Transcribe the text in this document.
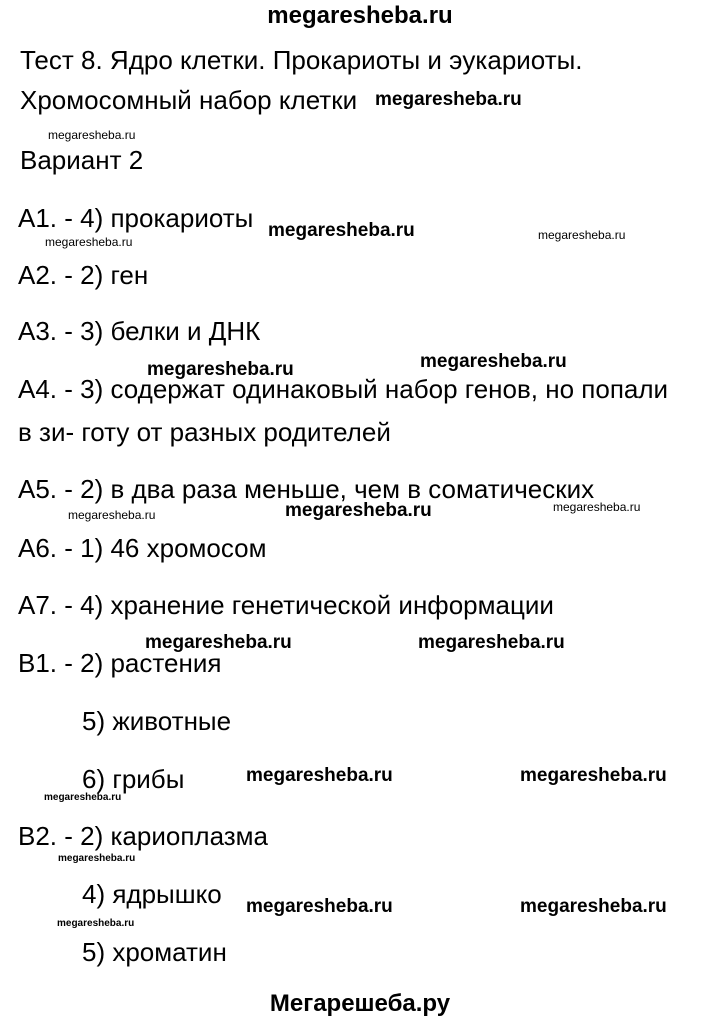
megaresheba.ru
Мегарешеба.ру
Тест 8. Ядро клетки. Прокариоты и эукариоты.
Хромосомный набор клетки
Вариант 2
А1. - 4) прокариоты
А2. - 2) ген
А3. - 3) белки и ДНК
А4. - 3) содержат одинаковый набор генов, но попали
в зи- готу от разных родителей
А5. - 2) в два раза меньше, чем в соматических
А6. - 1) 46 хромосом
А7. - 4) хранение генетической информации
В1. - 2) растения
5) животные
6) грибы
В2. - 2) кариоплазма
4) ядрышко
5) хроматин
megaresheba.ru
megaresheba.ru
megaresheba.ru	megaresheba.ru
megaresheba.ru
megaresheba.ru	megaresheba.ru
megaresheba.ru	megaresheba.ru
megaresheba.ru
megaresheba.ru	megaresheba.ru
megaresheba.ru	megaresheba.ru
megaresheba.ru
megaresheba.ru
megaresheba.ru	megaresheba.ru
megaresheba.ru
